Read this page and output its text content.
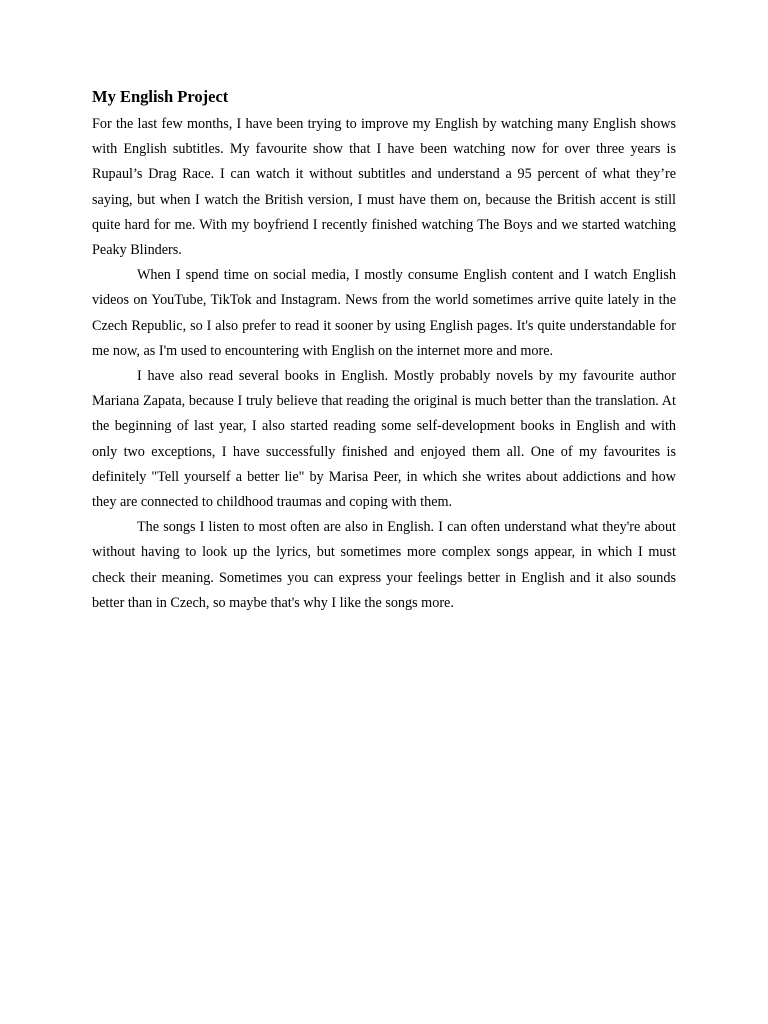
My English Project

For the last few months, I have been trying to improve my English by watching many English shows with English subtitles. My favourite show that I have been watching now for over three years is Rupaul’s Drag Race. I can watch it without subtitles and understand a 95 percent of what they’re saying, but when I watch the British version, I must have them on, because the British accent is still quite hard for me. With my boyfriend I recently finished watching The Boys and we started watching Peaky Blinders.

When I spend time on social media, I mostly consume English content and I watch English videos on YouTube, TikTok and Instagram. News from the world sometimes arrive quite lately in the Czech Republic, so I also prefer to read it sooner by using English pages. It's quite understandable for me now, as I'm used to encountering with English on the internet more and more.

I have also read several books in English. Mostly probably novels by my favourite author Mariana Zapata, because I truly believe that reading the original is much better than the translation. At the beginning of last year, I also started reading some self-development books in English and with only two exceptions, I have successfully finished and enjoyed them all. One of my favourites is definitely "Tell yourself a better lie" by Marisa Peer, in which she writes about addictions and how they are connected to childhood traumas and coping with them.

The songs I listen to most often are also in English. I can often understand what they're about without having to look up the lyrics, but sometimes more complex songs appear, in which I must check their meaning. Sometimes you can express your feelings better in English and it also sounds better than in Czech, so maybe that's why I like the songs more.
